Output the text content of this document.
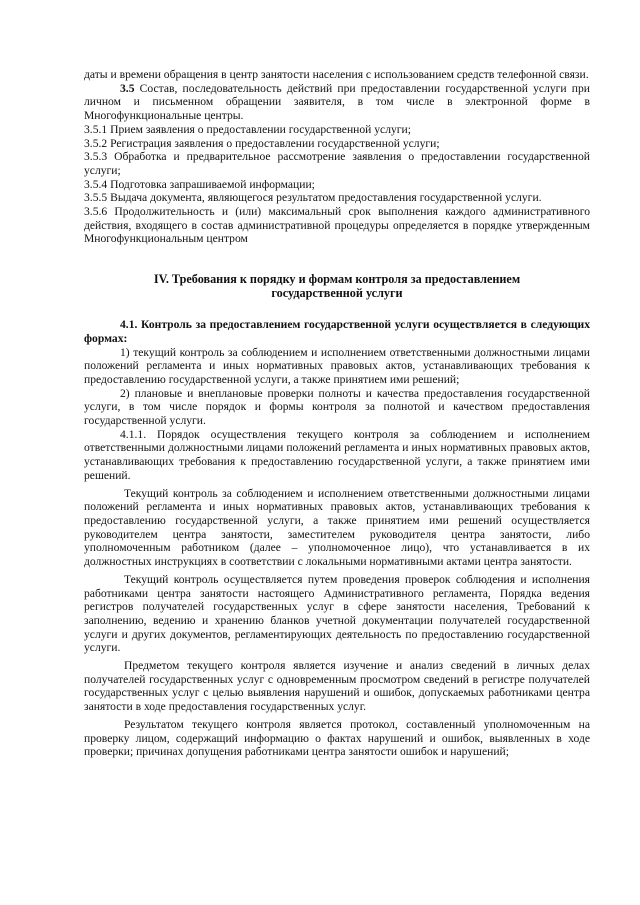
даты и времени обращения в центр занятости населения с использованием средств телефонной связи.

3.5 Состав, последовательность действий при предоставлении государственной услуги при личном и письменном обращении заявителя, в том числе в электронной форме в Многофункциональные центры.

3.5.1 Прием заявления о предоставлении государственной услуги;

3.5.2 Регистрация заявления о предоставлении государственной услуги;

3.5.3 Обработка и предварительное рассмотрение заявления о предоставлении государственной услуги;

3.5.4 Подготовка запрашиваемой информации;

3.5.5 Выдача документа, являющегося результатом предоставления государственной услуги.

3.5.6 Продолжительность и (или) максимальный срок выполнения каждого административного действия, входящего в состав административной процедуры определяется в порядке утвержденным Многофункциональным центром

IV. Требования к порядку и формам контроля за предоставлением государственной услуги

4.1. Контроль за предоставлением государственной услуги осуществляется в следующих формах:

1) текущий контроль за соблюдением и исполнением ответственными должностными лицами положений регламента и иных нормативных правовых актов, устанавливающих требования к предоставлению государственной услуги, а также принятием ими решений;

2) плановые и внеплановые проверки полноты и качества предоставления государственной услуги, в том числе порядок и формы контроля за полнотой и качеством предоставления государственной услуги.

4.1.1. Порядок осуществления текущего контроля за соблюдением и исполнением ответственными должностными лицами положений регламента и иных нормативных правовых актов, устанавливающих требования к предоставлению государственной услуги, а также принятием ими решений.

Текущий контроль за соблюдением и исполнением ответственными должностными лицами положений регламента и иных нормативных правовых актов, устанавливающих требования к предоставлению государственной услуги, а также принятием ими решений осуществляется руководителем центра занятости, заместителем руководителя центра занятости, либо уполномоченным работником (далее – уполномоченное лицо), что устанавливается в их должностных инструкциях в соответствии с локальными нормативными актами центра занятости.

Текущий контроль осуществляется путем проведения проверок соблюдения и исполнения работниками центра занятости настоящего Административного регламента, Порядка ведения регистров получателей государственных услуг в сфере занятости населения, Требований к заполнению, ведению и хранению бланков учетной документации получателей государственной услуги и других документов, регламентирующих деятельность по предоставлению государственной услуги.

Предметом текущего контроля является изучение и анализ сведений в личных делах получателей государственных услуг с одновременным просмотром сведений в регистре получателей государственных услуг с целью выявления нарушений и ошибок, допускаемых работниками центра занятости в ходе предоставления государственных услуг.

Результатом текущего контроля является протокол, составленный уполномоченным на проверку лицом, содержащий информацию о фактах нарушений и ошибок, выявленных в ходе проверки; причинах допущения работниками центра занятости ошибок и нарушений;
